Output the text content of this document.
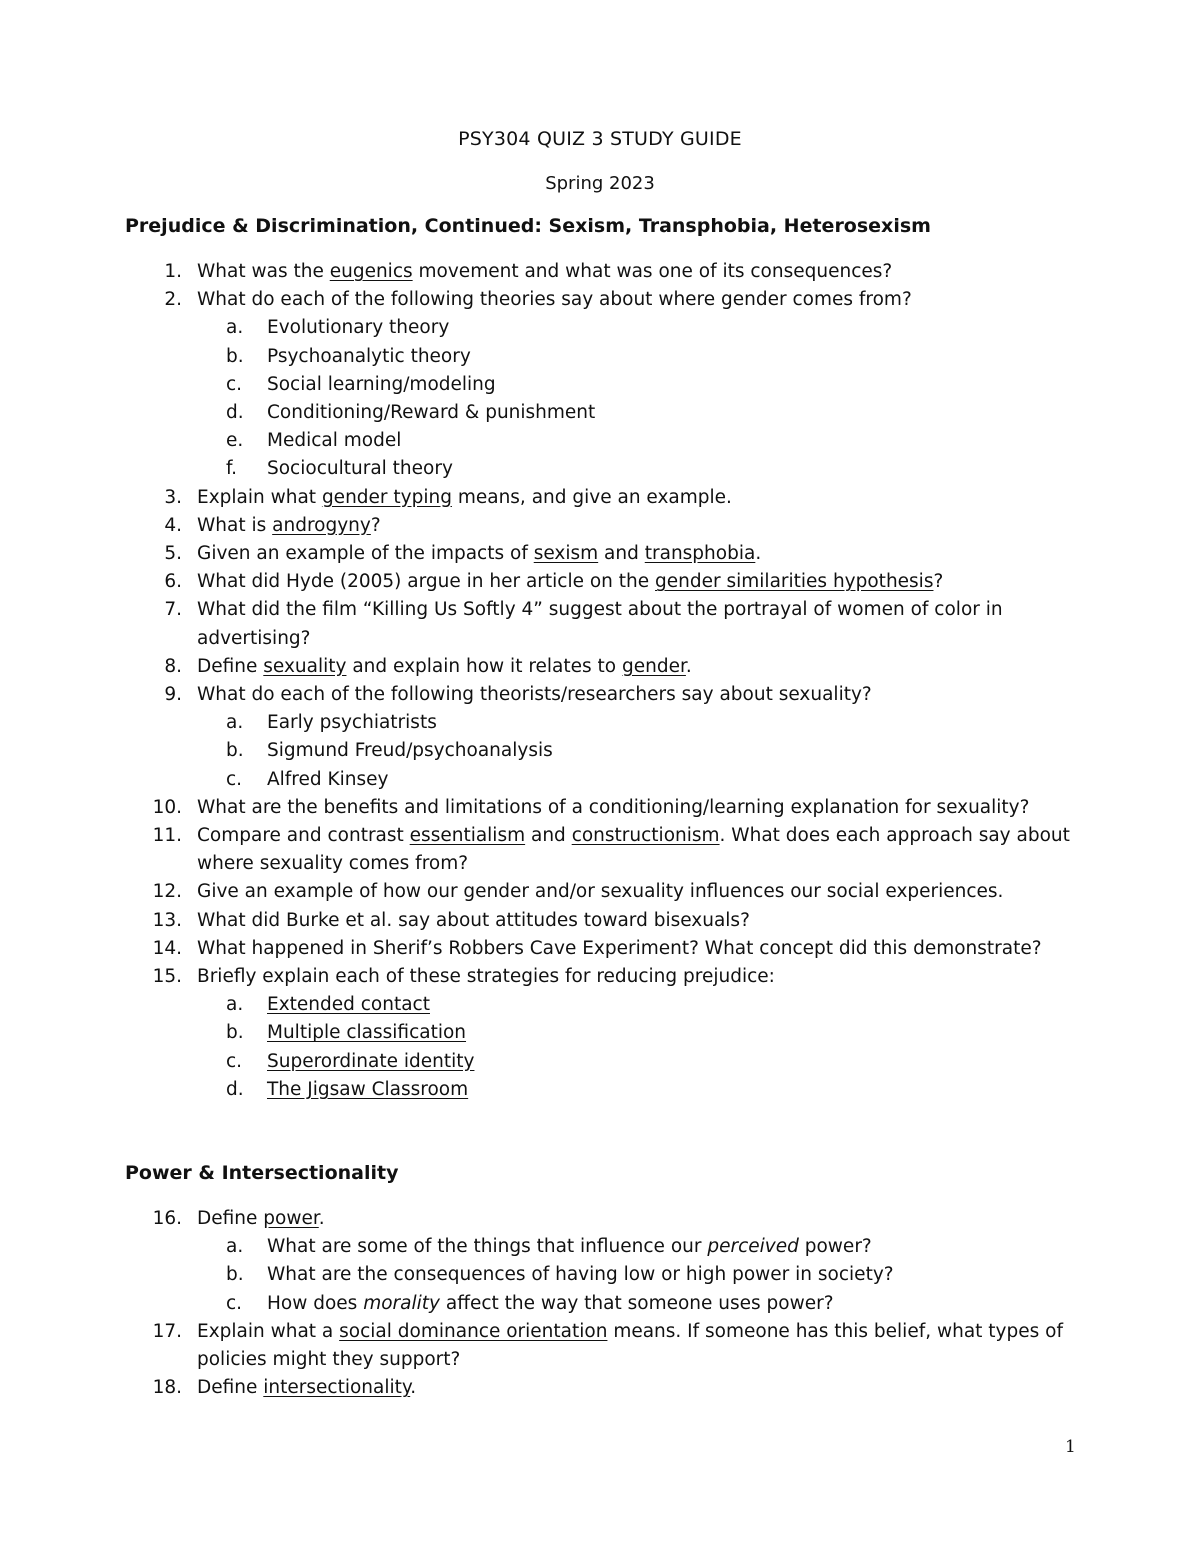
PSY304 QUIZ 3 STUDY GUIDE
Spring 2023
Prejudice & Discrimination, Continued: Sexism, Transphobia, Heterosexism
1. What was the eugenics movement and what was one of its consequences?
2. What do each of the following theories say about where gender comes from?
a.	Evolutionary theory
b.	Psychoanalytic theory
c.	Social learning/modeling
d.	Conditioning/Reward & punishment
e.	Medical model
f.	Sociocultural theory
3. Explain what gender typing means, and give an example.
4. What is androgyny?
5. Given an example of the impacts of sexism and transphobia.
6. What did Hyde (2005) argue in her article on the gender similarities hypothesis?
7. What did the film “Killing Us Softly 4” suggest about the portrayal of women of color in advertising?
8. Define sexuality and explain how it relates to gender.
9. What do each of the following theorists/researchers say about sexuality?
a.	Early psychiatrists
b.	Sigmund Freud/psychoanalysis
c.	Alfred Kinsey
10. What are the benefits and limitations of a conditioning/learning explanation for sexuality?
11. Compare and contrast essentialism and constructionism. What does each approach say about where sexuality comes from?
12. Give an example of how our gender and/or sexuality influences our social experiences.
13. What did Burke et al. say about attitudes toward bisexuals?
14. What happened in Sherif’s Robbers Cave Experiment? What concept did this demonstrate?
15. Briefly explain each of these strategies for reducing prejudice:
a.	Extended contact
b.	Multiple classification
c.	Superordinate identity
d.	The Jigsaw Classroom
Power & Intersectionality
16. Define power.
a.	What are some of the things that influence our perceived power?
b.	What are the consequences of having low or high power in society?
c.	How does morality affect the way that someone uses power?
17. Explain what a social dominance orientation means. If someone has this belief, what types of policies might they support?
18. Define intersectionality.
1
